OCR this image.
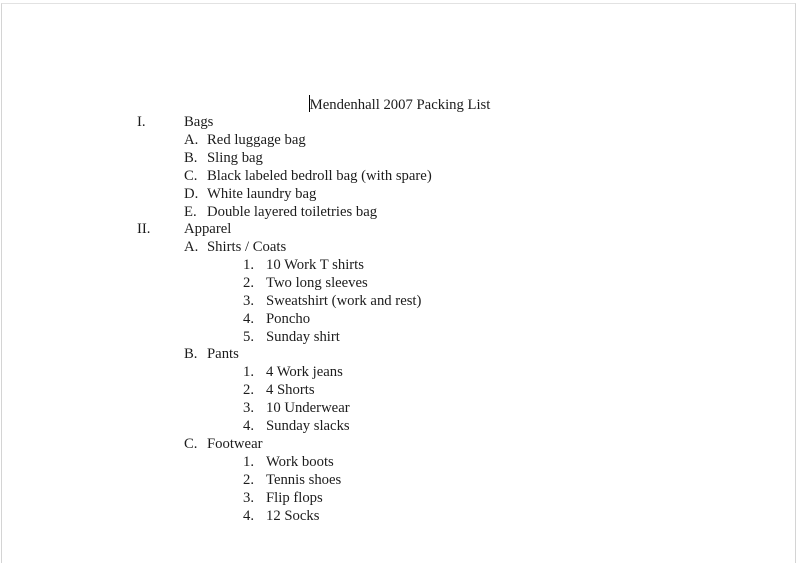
Mendenhall 2007 Packing List
I.	Bags
A. Red luggage bag
B. Sling bag
C. Black labeled bedroll bag (with spare)
D. White laundry bag
E. Double layered toiletries bag
II. Apparel
A. Shirts / Coats
1. 10 Work T shirts
2. Two long sleeves
3. Sweatshirt (work and rest)
4. Poncho
5. Sunday shirt
B. Pants
1. 4 Work jeans
2. 4 Shorts
3. 10 Underwear
4. Sunday slacks
C. Footwear
1. Work boots
2. Tennis shoes
3. Flip flops
4. 12 Socks
